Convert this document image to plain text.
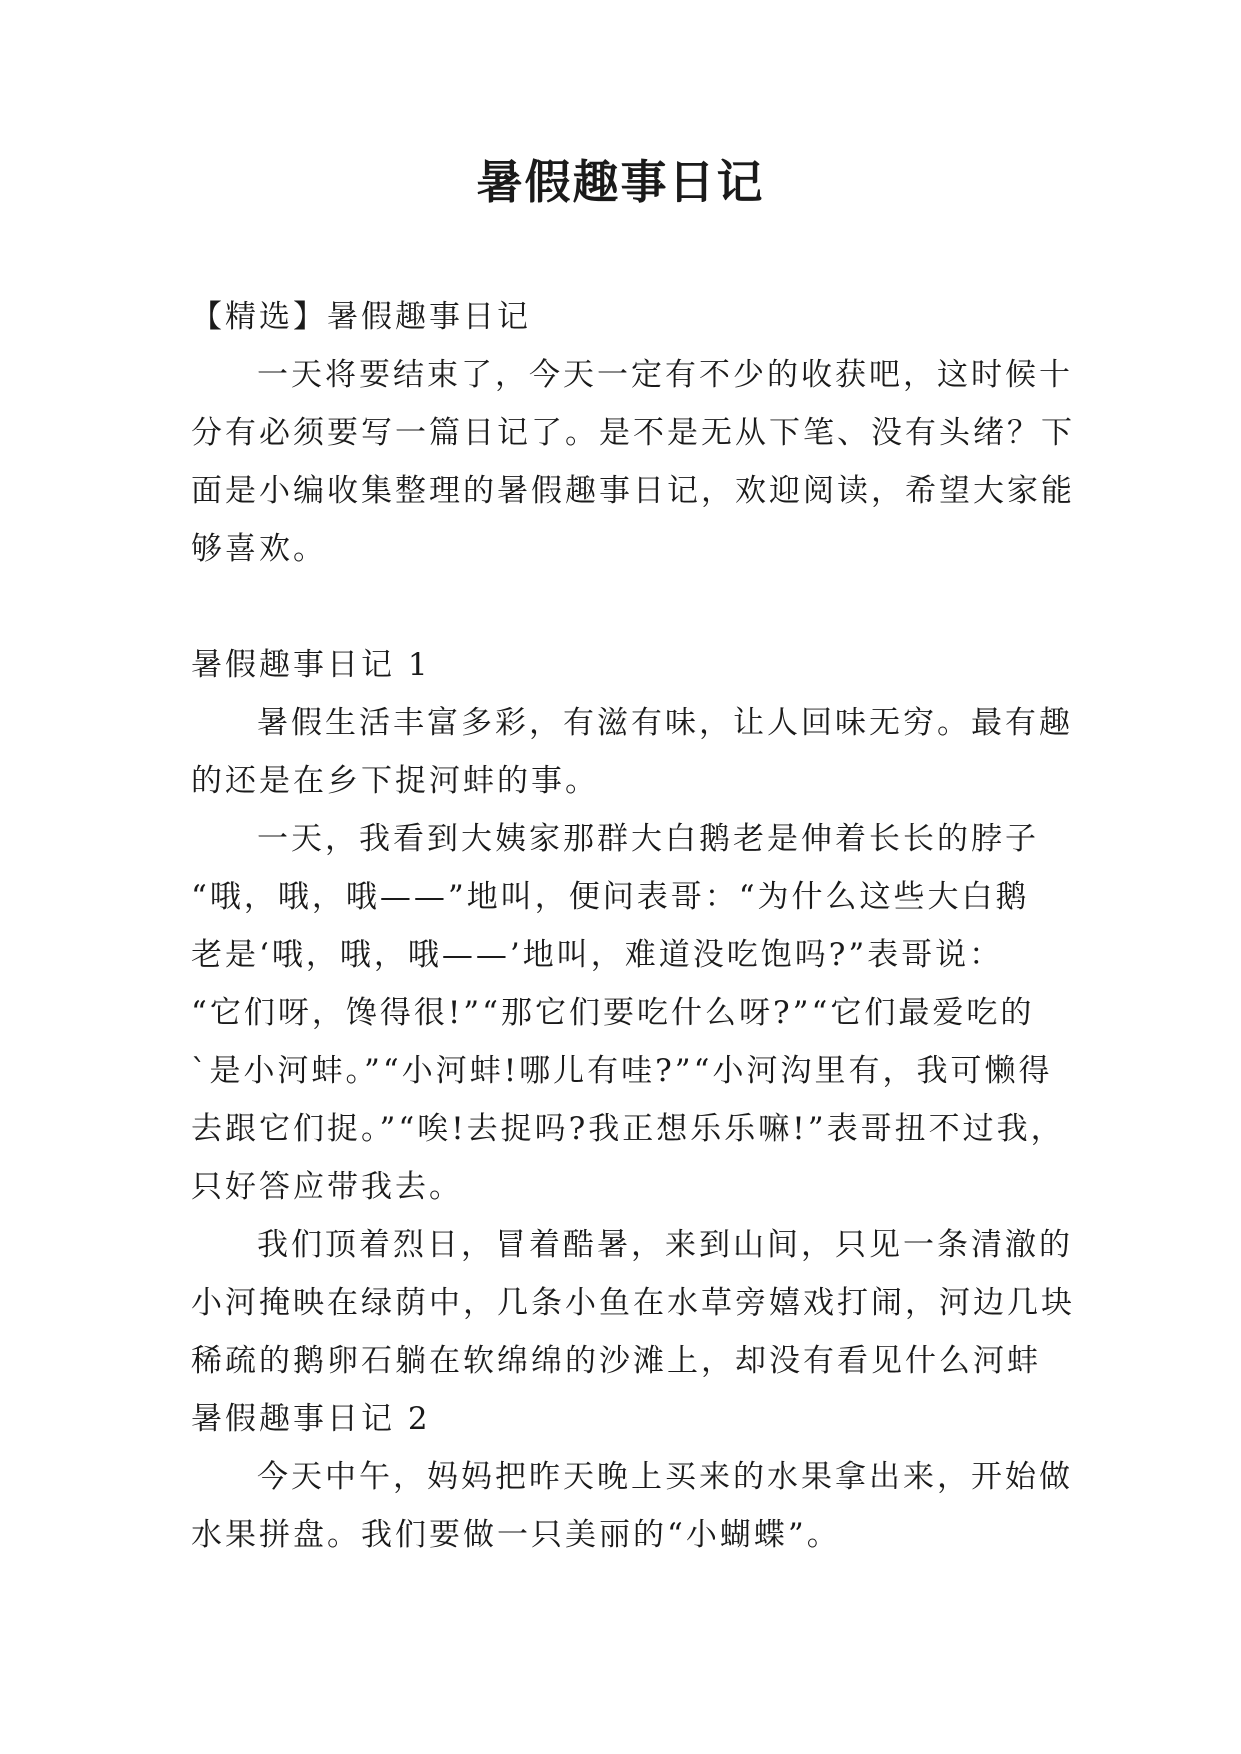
暑假趣事日记

【精选】暑假趣事日记

一天将要结束了，今天一定有不少的收获吧，这时候十

分有必须要写一篇日记了。是不是无从下笔、没有头绪？下

面是小编收集整理的暑假趣事日记，欢迎阅读，希望大家能

够喜欢。

暑假趣事日记 1

暑假生活丰富多彩，有滋有味，让人回味无穷。最有趣

的还是在乡下捉河蚌的事。

一天，我看到大姨家那群大白鹅老是伸着长长的脖子

“哦，哦，哦——”地叫，便问表哥：“为什么这些大白鹅

老是‘哦，哦，哦——’地叫，难道没吃饱吗?”表哥说：

“它们呀，馋得很!”“那它们要吃什么呀?”“它们最爱吃的

`是小河蚌。”“小河蚌!哪儿有哇?”“小河沟里有，我可懒得

去跟它们捉。”“唉!去捉吗?我正想乐乐嘛!”表哥扭不过我，

只好答应带我去。

我们顶着烈日，冒着酷暑，来到山间，只见一条清澈的

小河掩映在绿荫中，几条小鱼在水草旁嬉戏打闹，河边几块

稀疏的鹅卵石躺在软绵绵的沙滩上，却没有看见什么河蚌

暑假趣事日记 2

今天中午，妈妈把昨天晚上买来的水果拿出来，开始做

水果拼盘。我们要做一只美丽的“小蝴蝶”。
